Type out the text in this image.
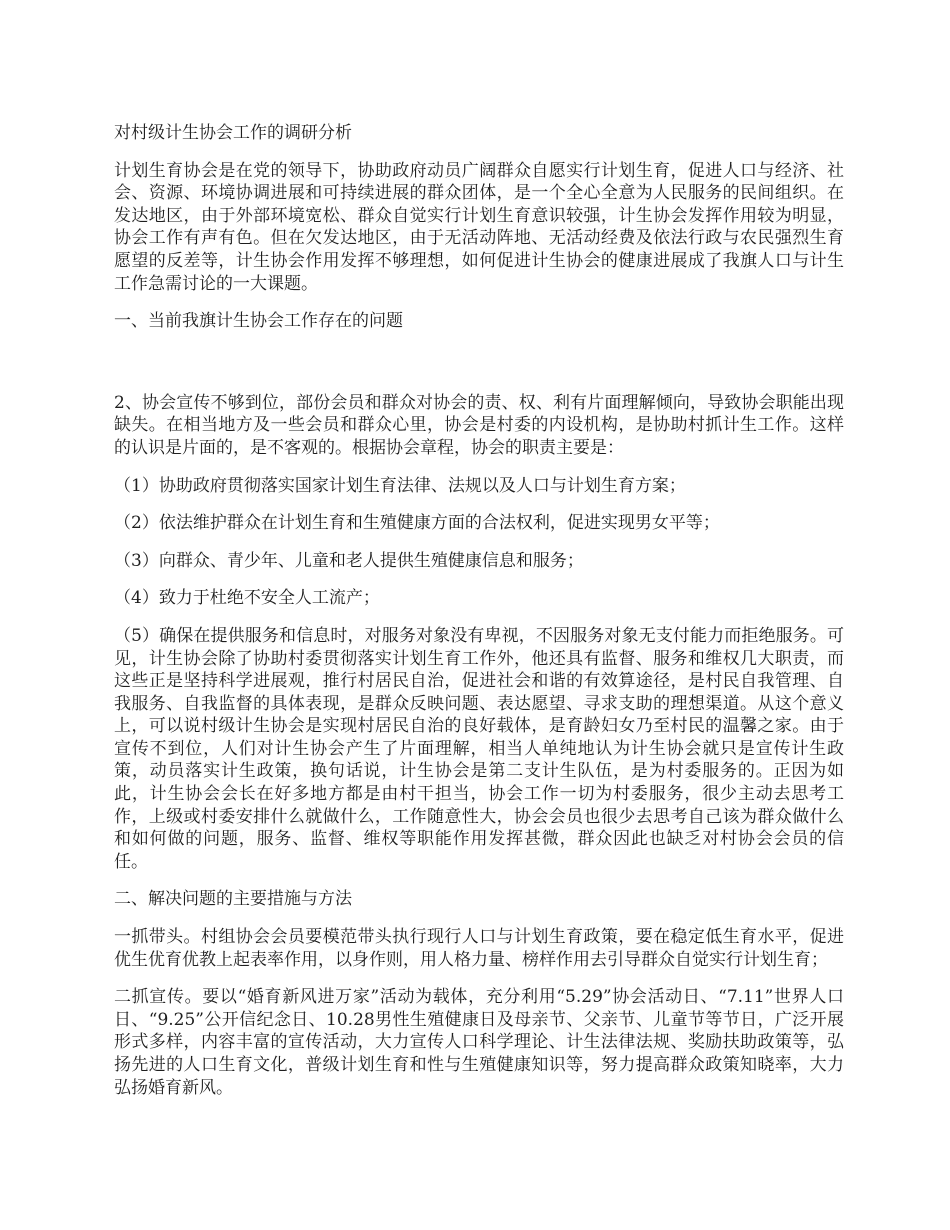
对村级计生协会工作的调研分析

计划生育协会是在党的领导下，协助政府动员广阔群众自愿实行计划生育，促进人口与经济、社会、资源、环境协调进展和可持续进展的群众团体，是一个全心全意为人民服务的民间组织。在发达地区，由于外部环境宽松、群众自觉实行计划生育意识较强，计生协会发挥作用较为明显，协会工作有声有色。但在欠发达地区，由于无活动阵地、无活动经费及依法行政与农民强烈生育愿望的反差等，计生协会作用发挥不够理想，如何促进计生协会的健康进展成了我旗人口与计生工作急需讨论的一大课题。

一、当前我旗计生协会工作存在的问题

2、协会宣传不够到位，部份会员和群众对协会的责、权、利有片面理解倾向，导致协会职能出现缺失。在相当地方及一些会员和群众心里，协会是村委的内设机构，是协助村抓计生工作。这样的认识是片面的，是不客观的。根据协会章程，协会的职责主要是：

（1）协助政府贯彻落实国家计划生育法律、法规以及人口与计划生育方案；

（2）依法维护群众在计划生育和生殖健康方面的合法权利，促进实现男女平等；

（3）向群众、青少年、儿童和老人提供生殖健康信息和服务；

（4）致力于杜绝不安全人工流产；

（5）确保在提供服务和信息时，对服务对象没有卑视，不因服务对象无支付能力而拒绝服务。可见，计生协会除了协助村委贯彻落实计划生育工作外，他还具有监督、服务和维权几大职责，而这些正是坚持科学进展观，推行村居民自治，促进社会和谐的有效算途径，是村民自我管理、自我服务、自我监督的具体表现，是群众反映问题、表达愿望、寻求支助的理想渠道。从这个意义上，可以说村级计生协会是实现村居民自治的良好载体，是育龄妇女乃至村民的温馨之家。由于宣传不到位，人们对计生协会产生了片面理解，相当人单纯地认为计生协会就只是宣传计生政策，动员落实计生政策，换句话说，计生协会是第二支计生队伍，是为村委服务的。正因为如此，计生协会会长在好多地方都是由村干担当，协会工作一切为村委服务，很少主动去思考工作，上级或村委安排什么就做什么，工作随意性大，协会会员也很少去思考自己该为群众做什么和如何做的问题，服务、监督、维权等职能作用发挥甚微，群众因此也缺乏对村协会会员的信任。

二、解决问题的主要措施与方法

一抓带头。村组协会会员要模范带头执行现行人口与计划生育政策，要在稳定低生育水平，促进优生优育优教上起表率作用，以身作则，用人格力量、榜样作用去引导群众自觉实行计划生育；

二抓宣传。要以“婚育新风进万家”活动为载体，充分利用“5.29”协会活动日、“7.11”世界人口日、“9.25”公开信纪念日、10.28男性生殖健康日及母亲节、父亲节、儿童节等节日，广泛开展形式多样，内容丰富的宣传活动，大力宣传人口科学理论、计生法律法规、奖励扶助政策等，弘扬先进的人口生育文化，普级计划生育和性与生殖健康知识等，努力提高群众政策知晓率，大力弘扬婚育新风。
